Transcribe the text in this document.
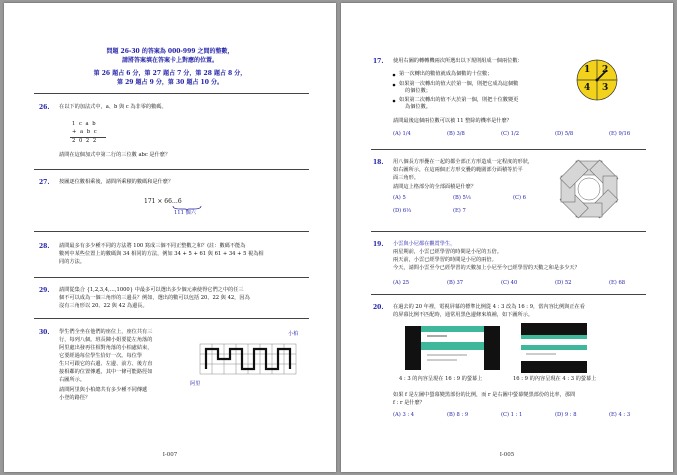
問題 26-30 的答案為 000-999 之間的整數，
請將答案填在答案卡上對應的位置。
第 26 題占 6 分，第 27 題占 7 分，第 28 題占 8 分，
第 29 題占 9 分，第 30 題占 10 分。
26. 在以下的加法式中，a、b 與 c 為非零的數碼。
1 c a b
+ a b c
2 0 2 2
請問在這個加式中第二行的三位數 abc 是什麼？
27. 按圖逐位數相乘後，請問所乘積的數碼和是什麼？
171 × 66…6
111 個六
28. 請問最多有多少種不同的方法將 100 寫成三個不同正整數之和？(註：數碼不能為
數列中某些位置上的數碼與 34 相同的方法，例如 34 + 5 + 61 與 61 + 34 + 5 視為相
同的方法。
29. 請問從集合 {1,2,3,4,…,1000} 中最多可以選出多少個元素使得它們之中的任三
個不可以成為一個三角形的三邊長？例如，選出的數可以包括 20、22 與 42，因為
沒有三角形以 20、22 與 42 為邊長。
30. 學生們全坐在他們的座位上，座位共有三
行，每列八個。班長陳小姐要從左角落的
阿里處出發再往相對角落的小柏處結束，
它要經過每位學生恰好一次。每位學
生只可跟它的右邊、左邊、前方、後方直
接相鄰的位置傳遞，其中一條可能路徑如
右圖所示。
請問阿里與小柏總共有多少種不同傳遞
小登的路徑？
小柏
阿里
I-007
17. 使用右圖的轉轉機兩次所選出以下規則組成一個兩位數：
第一次轉出的數值就成為個數的十位數；
如果第一次轉出的值大於第一個，則把它成為這個數
的個位數；
如果第二次轉出的值不大於第一個，則把十位數變更
為個位數。
請問最後這個兩位數可以被 11 整除的機率是什麼？
1 2
3
4
(A) 1/4	(B) 3/8	(C) 1/2	(D) 5/8	(E) 9/16
18. 用八個長方形疊在一起的都全部正方形造成一定程度的形狀，
如右圖所示，在這兩個正方形交疊的範圍部分面積等於平
面三角形。
請問這上格部分的全部面積是什麼？
(A) 5	(B) 5⅓	(C) 6
(D) 6⅓	(E) 7
19. 小雲與小尼都在觀賞學生，
兩星期前，小雲已經學習的時間是小尼的五倍。
兩天前，小雲已經學習的時間是小尼的兩倍。
今天，請問小雲至今已經學習的天數加上小尼至今已經學習的天數之和是多少天？
(A) 25	(B) 37	(C) 40	(D) 52	(E) 68
20. 在過去的 20 年裡，電視屏幕的標準比例從 4 : 3 改為 16 : 9，當內容比例與正在看
的屏幕比例不匹配時，通常用黑色邊條來填補，如下圖所示。
4 : 3 的內容呈現在 16 : 9 的螢幕上	16 : 9 的內容呈現在 4 : 3 的螢幕上
如果 f 是左圖中螢幕變黑部份的比例，而 r 是右圖中螢幕變黑部份的比率，那問
f : r 是什麼？
(A) 3 : 4	(B) 8 : 9	(C) 1 : 1	(D) 9 : 8	(E) 4 : 3
I-005
